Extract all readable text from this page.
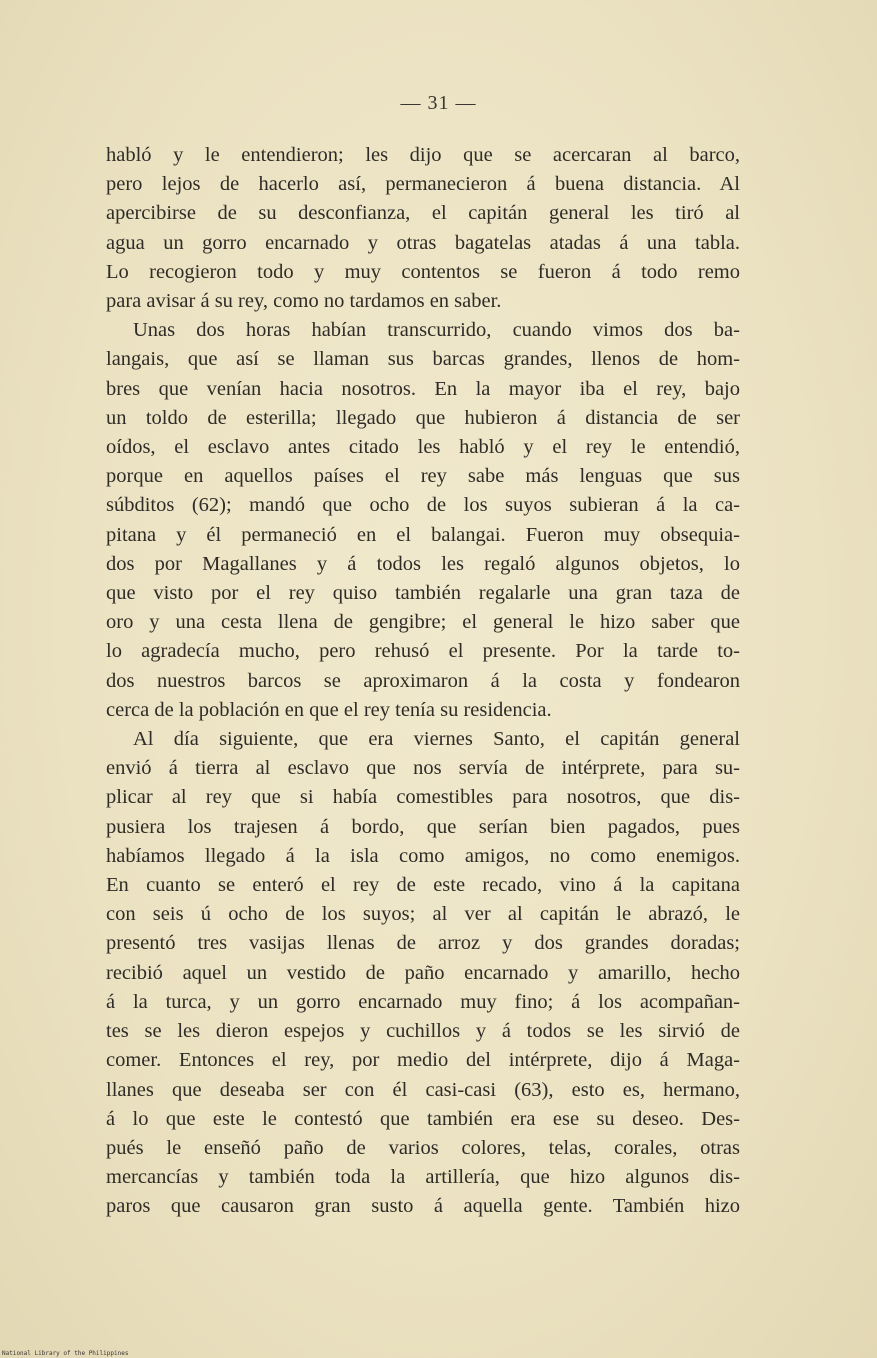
— 31 —
habló y le entendieron; les dijo que se acercaran al barco,
pero lejos de hacerlo así, permanecieron á buena distancia. Al
apercibirse de su desconfianza, el capitán general les tiró al
agua un gorro encarnado y otras bagatelas atadas á una tabla.
Lo recogieron todo y muy contentos se fueron á todo remo
para avisar á su rey, como no tardamos en saber.
Unas dos horas habían transcurrido, cuando vimos dos ba-
langais, que así se llaman sus barcas grandes, llenos de hom-
bres que venían hacia nosotros. En la mayor iba el rey, bajo
un toldo de esterilla; llegado que hubieron á distancia de ser
oídos, el esclavo antes citado les habló y el rey le entendió,
porque en aquellos países el rey sabe más lenguas que sus
súbditos (62); mandó que ocho de los suyos subieran á la ca-
pitana y él permaneció en el balangai. Fueron muy obsequia-
dos por Magallanes y á todos les regaló algunos objetos, lo
que visto por el rey quiso también regalarle una gran taza de
oro y una cesta llena de gengibre; el general le hizo saber que
lo agradecía mucho, pero rehusó el presente. Por la tarde to-
dos nuestros barcos se aproximaron á la costa y fondearon
cerca de la población en que el rey tenía su residencia.
Al día siguiente, que era viernes Santo, el capitán general
envió á tierra al esclavo que nos servía de intérprete, para su-
plicar al rey que si había comestibles para nosotros, que dis-
pusiera los trajesen á bordo, que serían bien pagados, pues
habíamos llegado á la isla como amigos, no como enemigos.
En cuanto se enteró el rey de este recado, vino á la capitana
con seis ú ocho de los suyos; al ver al capitán le abrazó, le
presentó tres vasijas llenas de arroz y dos grandes doradas;
recibió aquel un vestido de paño encarnado y amarillo, hecho
á la turca, y un gorro encarnado muy fino; á los acompañan-
tes se les dieron espejos y cuchillos y á todos se les sirvió de
comer. Entonces el rey, por medio del intérprete, dijo á Maga-
llanes que deseaba ser con él casi-casi (63), esto es, hermano,
á lo que este le contestó que también era ese su deseo. Des-
pués le enseñó paño de varios colores, telas, corales, otras
mercancías y también toda la artillería, que hizo algunos dis-
paros que causaron gran susto á aquella gente. También hizo
National Library of the Philippines
